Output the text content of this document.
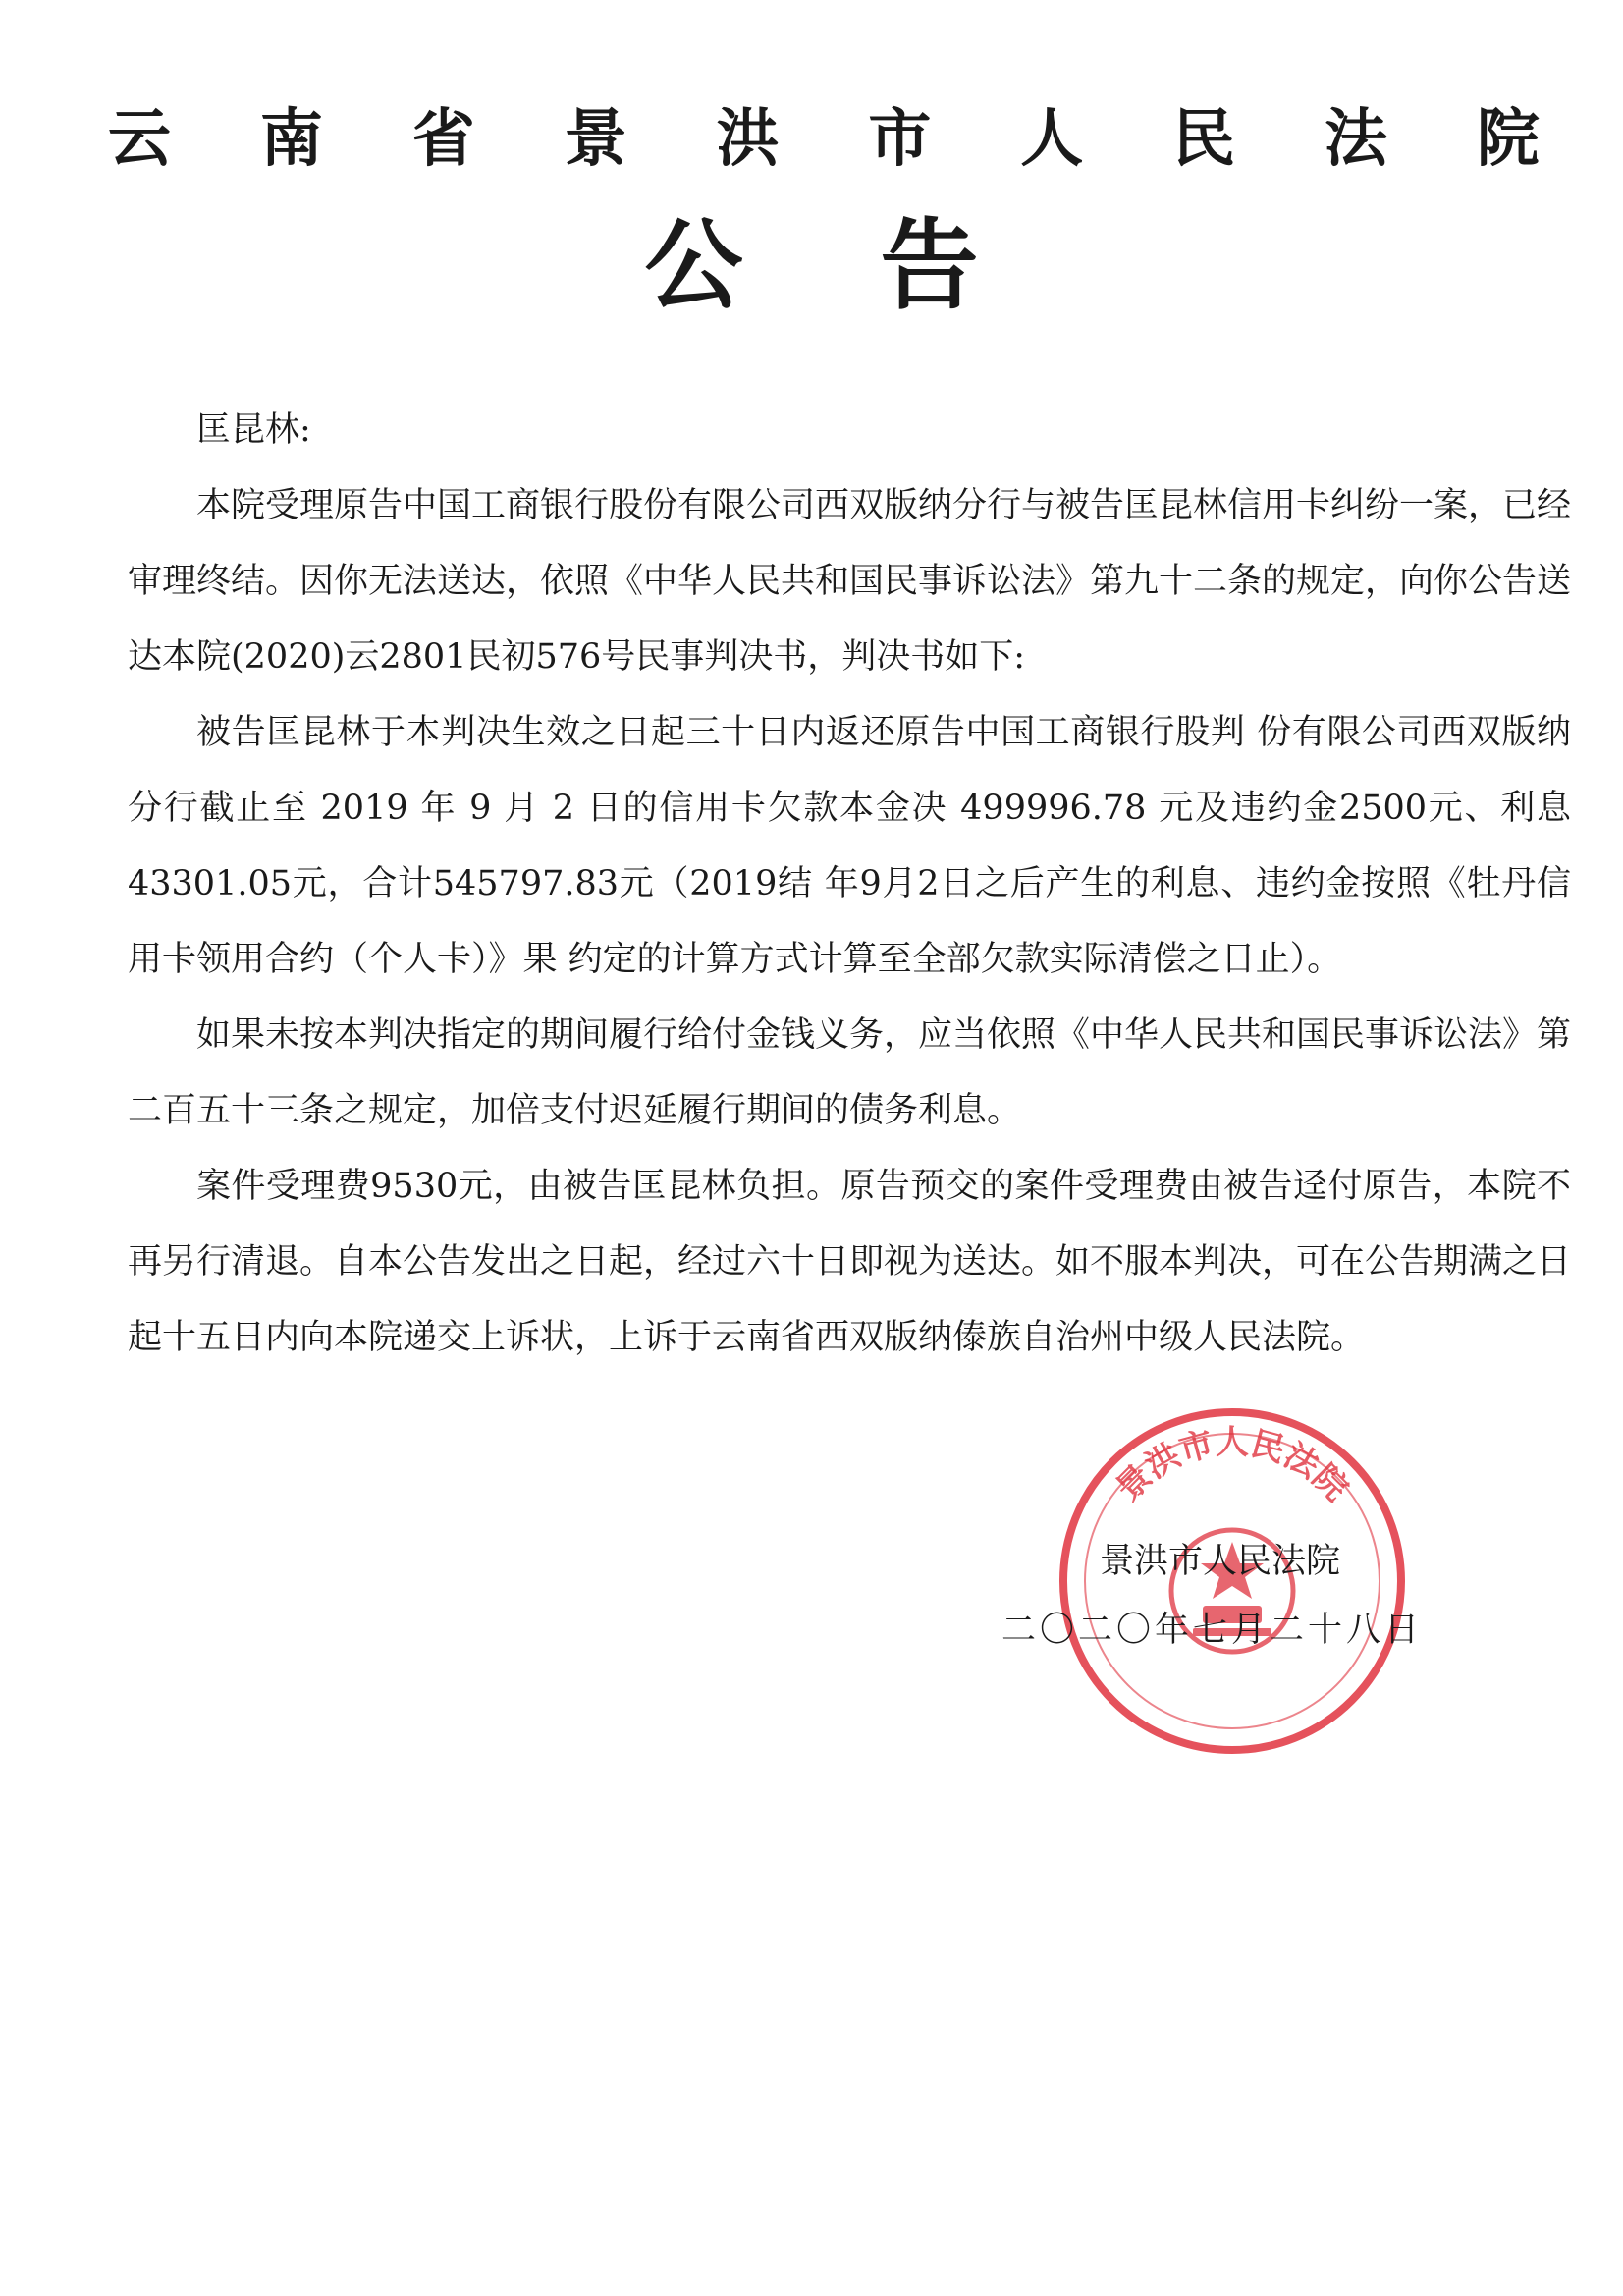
云 南 省 景 洪 市 人 民 法 院
公 告

匡昆林:

本院受理原告中国工商银行股份有限公司西双版纳分行与被告匡昆林信用卡纠纷一案，已经审理终结。因你无法送达，依照《中华人民共和国民事诉讼法》第九十二条的规定，向你公告送达本院(2020)云2801民初576号民事判决书，判决书如下:

被告匡昆林于本判决生效之日起三十日内返还原告中国工商银行股判 份有限公司西双版纳分行截止至 2019 年 9 月 2 日的信用卡欠款本金决 499996.78 元及违约金2500元、利息43301.05元，合计545797.83元（2019结 年9月2日之后产生的利息、违约金按照《牡丹信用卡领用合约（个人卡）》果 约定的计算方式计算至全部欠款实际清偿之日止）。

如果未按本判决指定的期间履行给付金钱义务，应当依照《中华人民共和国民事诉讼法》第二百五十三条之规定，加倍支付迟延履行期间的债务利息。

案件受理费9530元，由被告匡昆林负担。原告预交的案件受理费由被告迳付原告，本院不再另行清退。自本公告发出之日起，经过六十日即视为送达。如不服本判决，可在公告期满之日起十五日内向本院递交上诉状，上诉于云南省西双版纳傣族自治州中级人民法院。

景洪市人民法院
景洪市人民法院
二〇二〇年七月二十八日
